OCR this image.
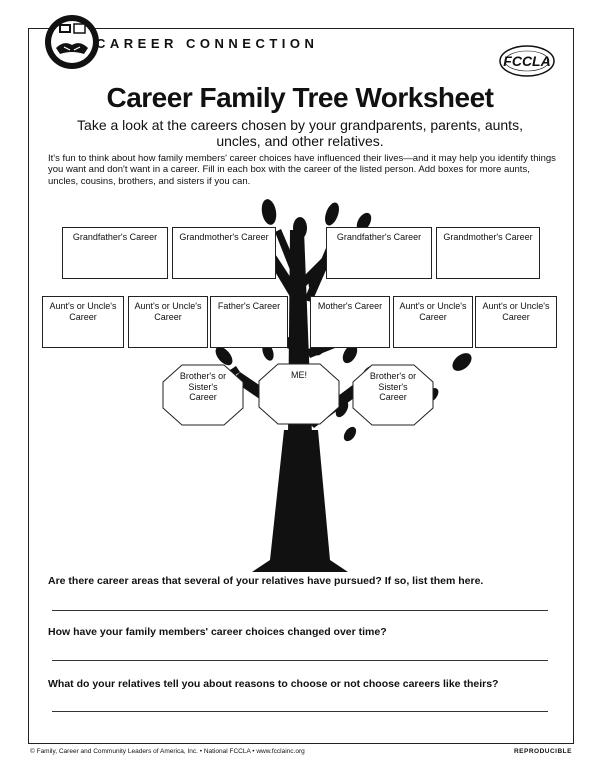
CAREER CONNECTION
FCCLA
Career Family Tree Worksheet
Take a look at the careers chosen by your grandparents, parents, aunts, uncles, and other relatives.
It's fun to think about how family members' career choices have influenced their lives—and it may help you identify things you want and don't want in a career. Fill in each box with the career of the listed person. Add boxes for more aunts, uncles, cousins, brothers, and sisters if you can.
Grandfather's Career	Grandmother's Career	Grandfather's Career	Grandmother's Career
Aunt's or Uncle's Career
Aunt's or Uncle's Career
Father's Career	Mother's Career	Aunt's or Uncle's Career
Aunt's or Uncle's Career
Brother's or Sister's Career
ME!	Brother's or Sister's Career
Are there career areas that several of your relatives have pursued? If so, list them here.
How have your family members' career choices changed over time?
What do your relatives tell you about reasons to choose or not choose careers like theirs?
© Family, Career and Community Leaders of America, Inc. • National FCCLA • www.fcclainc.org	REPRODUCIBLE
